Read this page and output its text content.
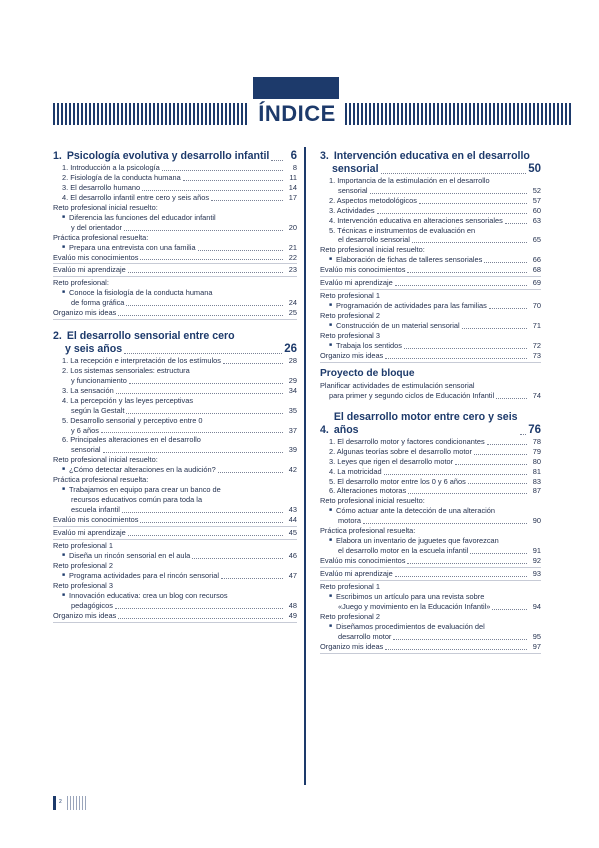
ÍNDICE
1. Psicología evolutiva y desarrollo infantil	6
1. Introducción a la psicología	8
2. Fisiología de la conducta humana	11
3. El desarrollo humano	14
4. El desarrollo infantil entre cero y seis años	17
Reto profesional inicial resuelto:
■ Diferencia las funciones del educador infantil
y del orientador	20
Práctica profesional resuelta:
■ Prepara una entrevista con una familia	21
Evalúo mis conocimientos	22
Evalúo mi aprendizaje	23
Reto profesional:
■ Conoce la fisiología de la conducta humana
de forma gráfica	24
Organizo mis ideas	25
2. El desarrollo sensorial entre cero
y seis años	26
1. La recepción e interpretación de los estímulos	28
2. Los sistemas sensoriales: estructura
y funcionamiento	29
3. La sensación	34
4. La percepción y las leyes perceptivas
según la Gestalt	35
5. Desarrollo sensorial y perceptivo entre 0
y 6 años	37
6. Principales alteraciones en el desarrollo
sensorial	39
Reto profesional inicial resuelto:
■ ¿Cómo detectar alteraciones en la audición?	42
Práctica profesional resuelta:
■ Trabajamos en equipo para crear un banco de
recursos educativos común para toda la
escuela infantil	43
Evalúo mis conocimientos	44
Evalúo mi aprendizaje	45
Reto profesional 1
■ Diseña un rincón sensorial en el aula	46
Reto profesional 2
■ Programa actividades para el rincón sensorial	47
Reto profesional 3
■ Innovación educativa: crea un blog con recursos
pedagógicos	48
Organizo mis ideas	49
3. Intervención educativa en el desarrollo
sensorial	50
1. Importancia de la estimulación en el desarrollo
sensorial	52
2. Aspectos metodológicos	57
3. Actividades	60
4. Intervención educativa en alteraciones sensoriales	63
5. Técnicas e instrumentos de evaluación en
el desarrollo sensorial	65
Reto profesional inicial resuelto:
■ Elaboración de fichas de talleres sensoriales	66
Evalúo mis conocimientos	68
Evalúo mi aprendizaje	69
Reto profesional 1
■ Programación de actividades para las familias	70
Reto profesional 2
■ Construcción de un material sensorial	71
Reto profesional 3
■ Trabaja los sentidos	72
Organizo mis ideas	73
Proyecto de bloque
Planificar actividades de estimulación sensorial
para primer y segundo ciclos de Educación Infantil	74
4.
El desarrollo motor entre cero y seis años	76
1. El desarrollo motor y factores condicionantes	78
2. Algunas teorías sobre el desarrollo motor	79
3. Leyes que rigen el desarrollo motor	80
4. La motricidad	81
5. El desarrollo motor entre los 0 y 6 años	83
6. Alteraciones motoras	87
Reto profesional inicial resuelto:
■ Cómo actuar ante la detección de una alteración
motora	90
Práctica profesional resuelta:
■ Elabora un inventario de juguetes que favorezcan
el desarrollo motor en la escuela infantil	91
Evalúo mis conocimientos	92
Evalúo mi aprendizaje	93
Reto profesional 1
■ Escribimos un artículo para una revista sobre
«Juego y movimiento en la Educación Infantil»	94
Reto profesional 2
■ Diseñamos procedimientos de evaluación del
desarrollo motor	95
Organizo mis ideas	97
2
